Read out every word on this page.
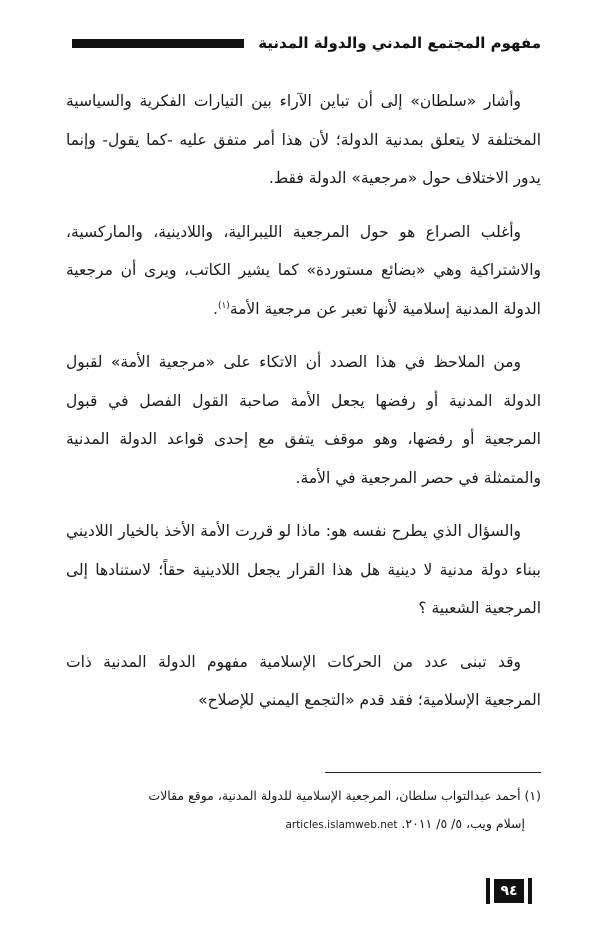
مفهوم المجتمع المدني والدولة المدنية

وأشار «سلطان» إلى أن تباين الآراء بين التيارات الفكرية والسياسية المختلفة لا يتعلق بمدنية الدولة؛ لأن هذا أمر متفق عليه -كما يقول- وإنما يدور الاختلاف حول «مرجعية» الدولة فقط.

وأغلب الصراع هو حول المرجعية الليبرالية، واللادينية، والماركسية، والاشتراكية وهي «بضائع مستوردة» كما يشير الكاتب، ويرى أن مرجعية الدولة المدنية إسلامية لأنها تعبر عن مرجعية الأمة$^{(١)}$.

ومن الملاحظ في هذا الصدد أن الاتكاء على «مرجعية الأمة» لقبول الدولة المدنية أو رفضها يجعل الأمة صاحبة القول الفصل في قبول المرجعية أو رفضها، وهو موقف يتفق مع إحدى قواعد الدولة المدنية والمتمثلة في حصر المرجعية في الأمة.

والسؤال الذي يطرح نفسه هو: ماذا لو قررت الأمة الأخذ بالخيار اللاديني ببناء دولة مدنية لا دينية هل هذا القرار يجعل اللادينية حقاً؛ لاستنادها إلى المرجعية الشعبية ؟

وقد تبنى عدد من الحركات الإسلامية مفهوم الدولة المدنية ذات المرجعية الإسلامية؛ فقد قدم «التجمع اليمني للإصلاح»

(١) أحمد عبدالتواب سلطان، المرجعية الإسلامية للدولة المدنية، موقع مقالات
إسلام ويب، ٥/ ٥/ ٢٠١١. articles.islamweb.net
٩٤
